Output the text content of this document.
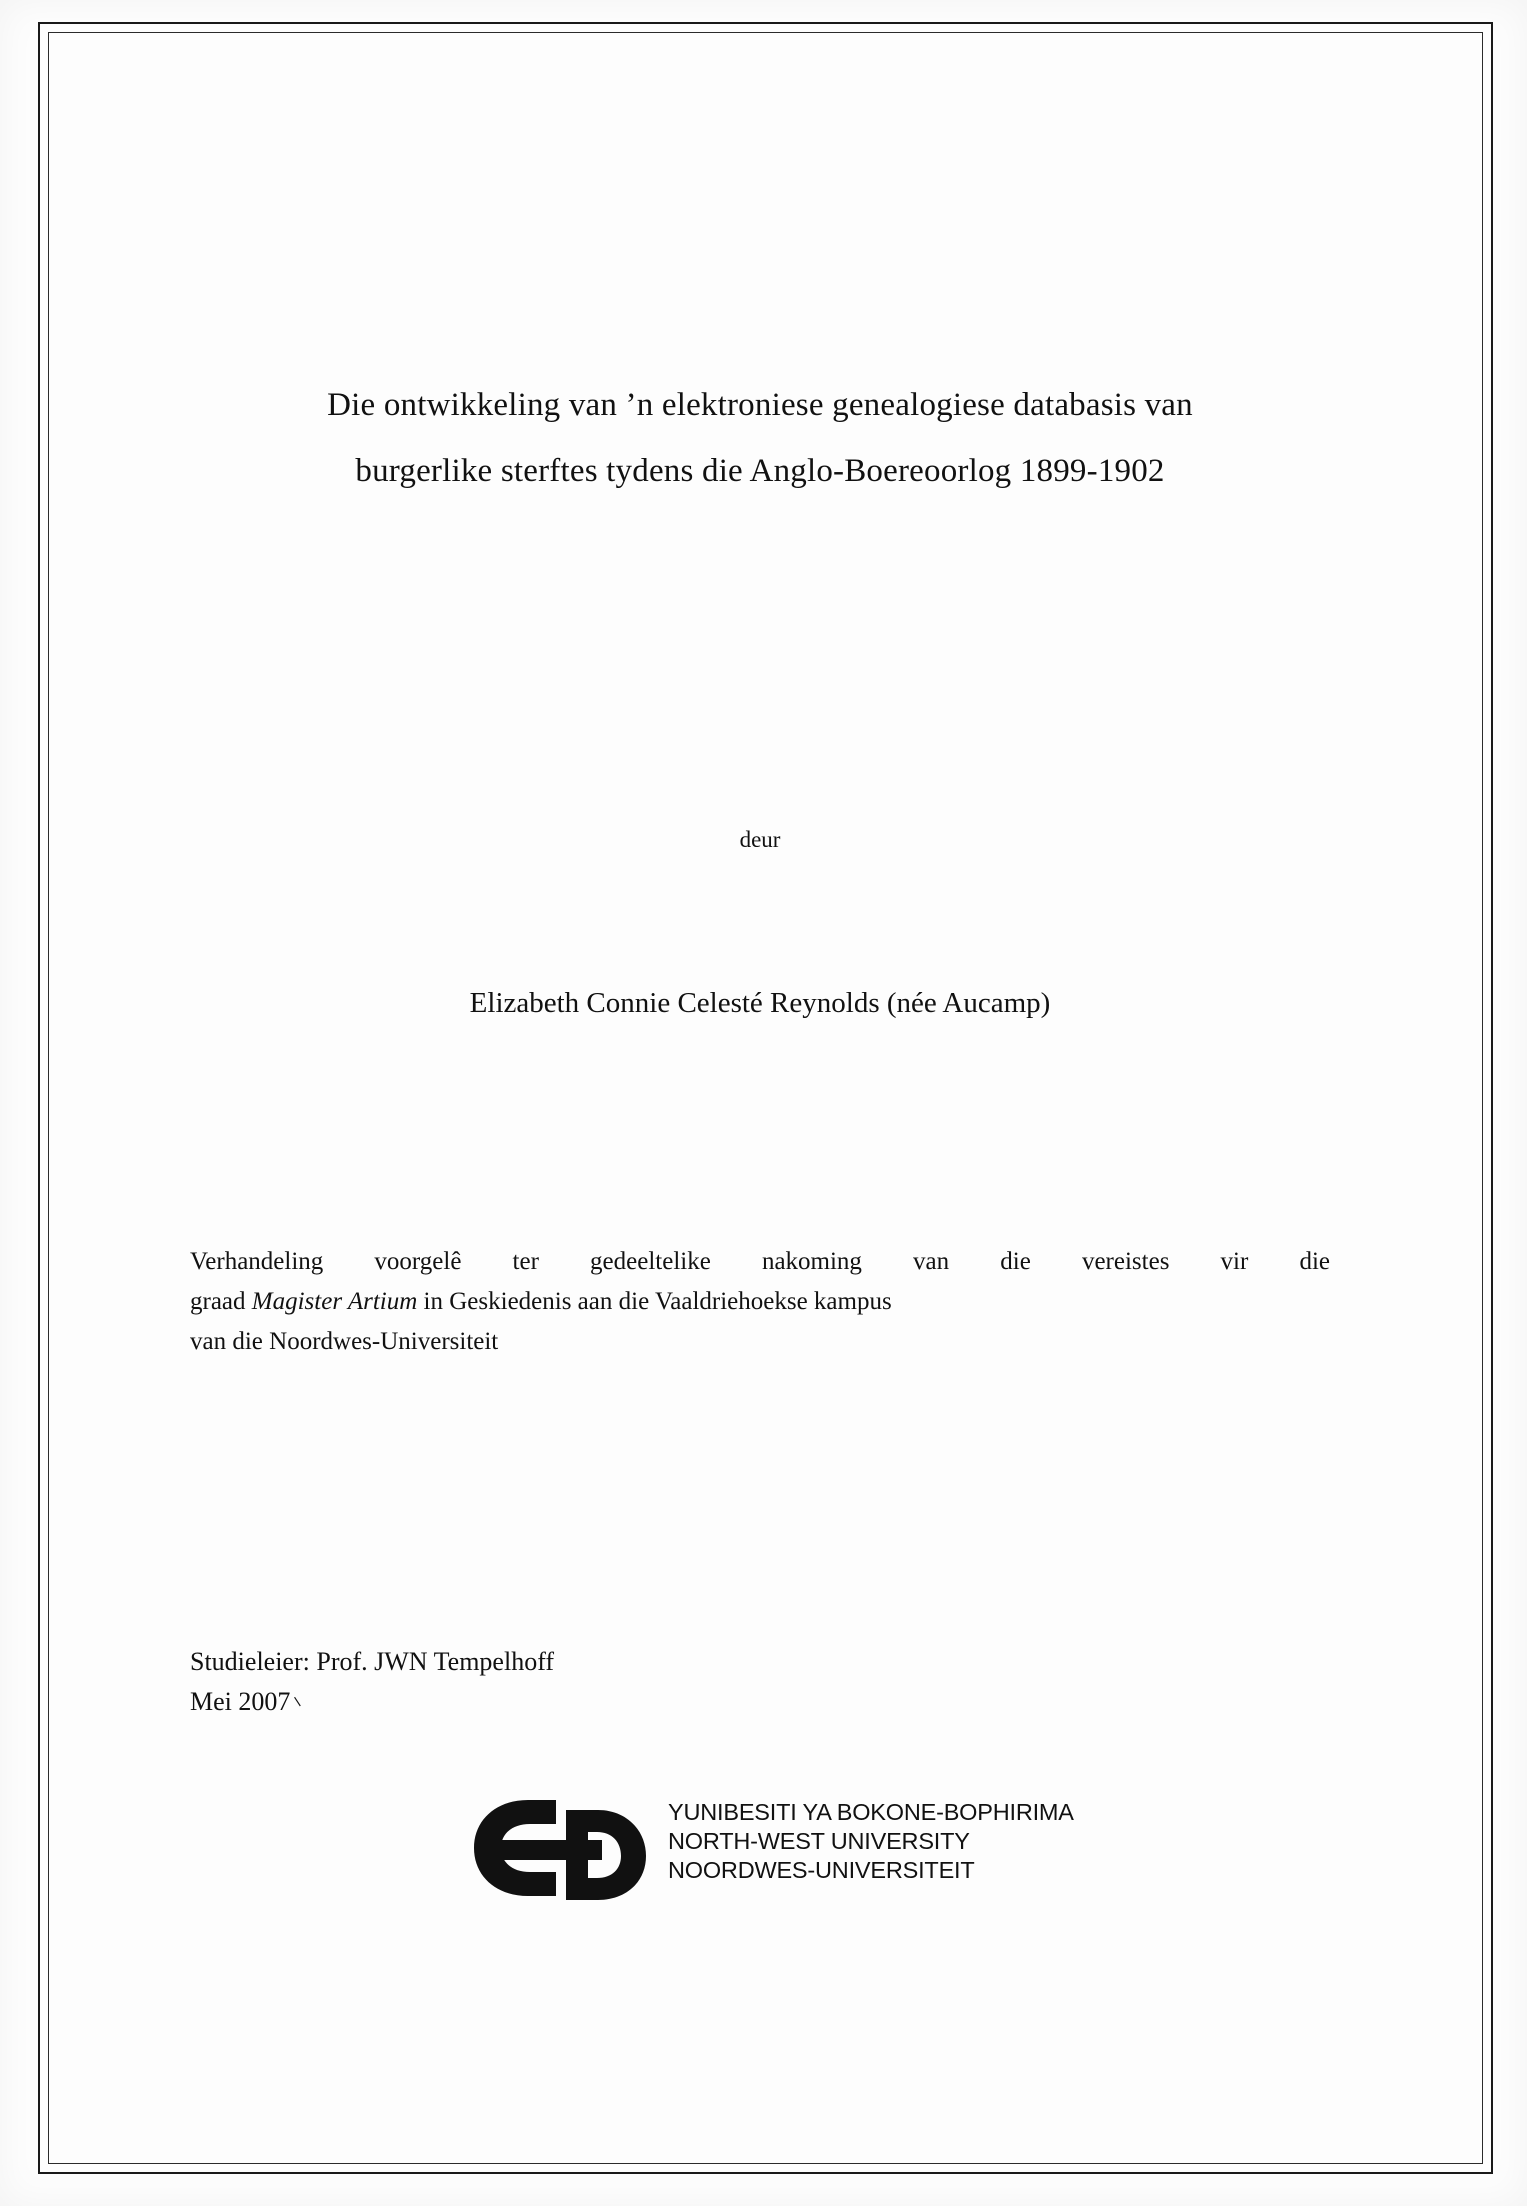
Die ontwikkeling van ’n elektroniese genealogiese databasis van
burgerlike sterftes tydens die Anglo-Boereoorlog 1899-1902
deur
Elizabeth Connie Celesté Reynolds (née Aucamp)
Verhandeling voorgelê ter gedeeltelike nakoming van die vereistes vir die
graad Magister Artium in Geskiedenis aan die Vaaldriehoekse kampus
van die Noordwes-Universiteit
Studieleier: Prof. JWN Tempelhoff
Mei 2007
⸌
YUNIBESITI YA BOKONE-BOPHIRIMA
NORTH-WEST UNIVERSITY
NOORDWES-UNIVERSITEIT
